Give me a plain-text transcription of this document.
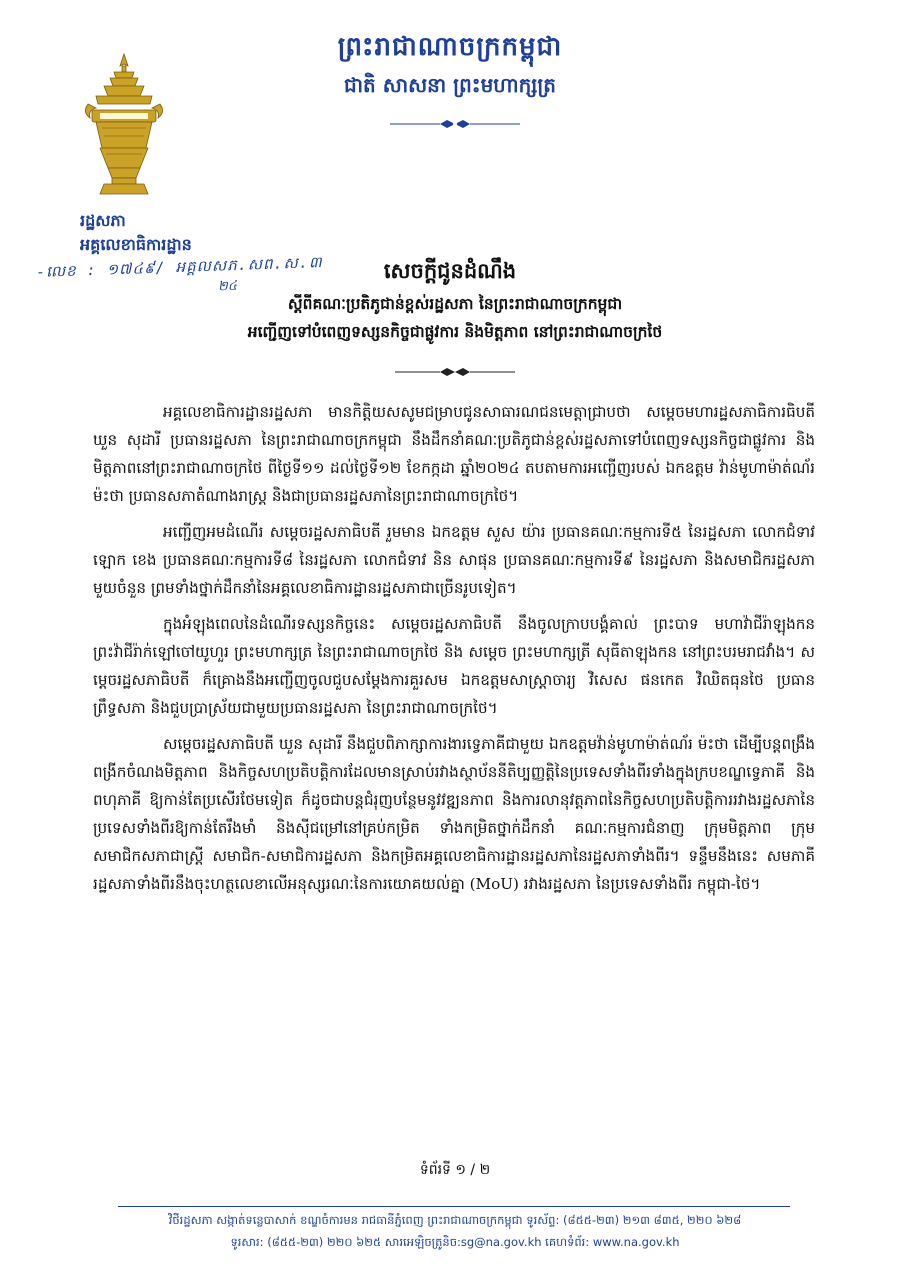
ព្រះរាជាណាចក្រកម្ពុជា
ជាតិ សាសនា ព្រះមហាក្សត្រ
រដ្ឋសភា
អគ្គលេខាធិការដ្ឋាន
-លេខ : ១៧៤៩/ អគ្គលសភ.សព.ស.៣
២៤
សេចក្តីជូនដំណឹង
ស្តីពីគណៈប្រតិភូជាន់ខ្ពស់រដ្ឋសភា នៃព្រះរាជាណាចក្រកម្ពុជា
អញ្ជើញទៅបំពេញទស្សនកិច្ចជាផ្លូវការ និងមិត្តភាព នៅព្រះរាជាណាចក្រថៃ

អគ្គលេខាធិការដ្ឋានរដ្ឋសភា មានកិត្តិយសសូមជម្រាបជូនសាធារណជនមេត្តាជ្រាបថា សម្តេចមហារដ្ឋសភាធិការធិបតី ឃួន សុដារី ប្រធានរដ្ឋសភា នៃព្រះរាជាណាចក្រកម្ពុជា នឹងដឹកនាំគណៈប្រតិភូជាន់ខ្ពស់រដ្ឋសភាទៅបំពេញទស្សនកិច្ចជាផ្លូវការ និងមិត្តភាពនៅព្រះរាជាណាចក្រថៃ ពីថ្ងៃទី១១ ដល់ថ្ងៃទី១២ ខែកក្កដា ឆ្នាំ២០២៤ តបតាមការអញ្ជើញរបស់ ឯកឧត្តម វ៉ាន់មូហាម៉ាត់ណ័រ ម៉ះថា ប្រធានសភាតំណាងរាស្ត្រ និងជាប្រធានរដ្ឋសភានៃព្រះរាជាណាចក្រថៃ។

អញ្ជើញអមដំណើរ សម្តេចរដ្ឋសភាធិបតី រួមមាន ឯកឧត្តម សួស យ៉ារ ប្រធានគណៈកម្មការទី៥ នៃរដ្ឋសភា លោកជំទាវ ឡោក ខេង ប្រធានគណៈកម្មការទី៨ នៃរដ្ឋសភា លោកជំទាវ និន សាផុន ប្រធានគណៈកម្មការទី៩ នៃរដ្ឋសភា និងសមាជិករដ្ឋសភាមួយចំនួន ព្រមទាំងថ្នាក់ដឹកនាំនៃអគ្គលេខាធិការដ្ឋានរដ្ឋសភាជាច្រើនរូបទៀត។

ក្នុងអំឡុងពេលនៃដំណើរទស្សនកិច្ចនេះ សម្តេចរដ្ឋសភាធិបតី នឹងចូលក្រាបបង្គំគាល់ ព្រះបាទ មហាវ៉ាជីរ៉ាឡុងកន ព្រះវ៉ាជីរ៉ាក់ឡៅចៅយូហួរ ព្រះមហាក្សត្រ នៃព្រះរាជាណាចក្រថៃ និង សម្តេច ព្រះមហាក្សត្រី សុធីតាឡុងកន នៅព្រះបរមរាជវាំង។ សម្តេចរដ្ឋសភាធិបតី ក៏គ្រោងនឹងអញ្ជើញចូលជួបសម្តែងការគួរសម ឯកឧត្តមសាស្ត្រាចារ្យ វិសេស ផនកេត វិឈិតធុនថៃ ប្រធានព្រឹទ្ធសភា និងជួបប្រាស្រ័យជាមួយប្រធានរដ្ឋសភា នៃព្រះរាជាណាចក្រថៃ។

សម្តេចរដ្ឋសភាធិបតី ឃួន សុដារី នឹងជួបពិភាក្សាការងារទ្វេភាគីជាមួយ ឯកឧត្តមវ៉ាន់មូហាម៉ាត់ណ័រ ម៉ះថា ដើម្បីបន្តពង្រឹងពង្រីកចំណងមិត្តភាព និងកិច្ចសហប្រតិបត្តិការដែលមានស្រាប់រវាងស្ថាប័ននីតិប្បញ្ញត្តិនៃប្រទេសទាំងពីរទាំងក្នុងក្របខណ្ឌទ្វេភាគី និងពហុភាគី ឱ្យកាន់តែប្រសើរថែមទៀត ក៏ដូចជាបន្តជំរុញបន្ថែមនូវវឌ្ឍនភាព និងការលានុវត្តភាពនៃកិច្ចសហប្រតិបត្តិការរវាងរដ្ឋសភានៃប្រទេសទាំងពីរឱ្យកាន់តែរឹងមាំ និងស៊ីជម្រៅនៅគ្រប់កម្រិត ទាំងកម្រិតថ្នាក់ដឹកនាំ គណៈកម្មការជំនាញ ក្រុមមិត្តភាព ក្រុមសមាជិកសភាជាស្ត្រី សមាជិក-សមាជិការដ្ឋសភា និងកម្រិតអគ្គលេខាធិការដ្ឋានរដ្ឋសភានៃរដ្ឋសភាទាំងពីរ។ ទន្ទឹមនឹងនេះ សមភាគីរដ្ឋសភាទាំងពីរនឹងចុះហត្ថលេខាលើអនុស្សរណៈនៃការយោគយល់គ្នា (MoU) រវាងរដ្ឋសភា នៃប្រទេសទាំងពីរ កម្ពុជា-ថៃ។

ទំព័រទី ១ / ២
វិថីរដ្ឋសភា សង្កាត់ទន្លេបាសាក់ ខណ្ឌចំការមន រាជធានីភ្នំពេញ ព្រះរាជាណាចក្រកម្ពុជា ទូរស័ព្ទ: (៨៥៥-២៣) ២១៣ ៨៣៥, ២២០ ៦២៨
ទូរសារ: (៨៥៥-២៣) ២២០ ៦២៥ សារអេឡិចត្រូនិច:sg@na.gov.kh គេហទំព័រ: www.na.gov.kh
